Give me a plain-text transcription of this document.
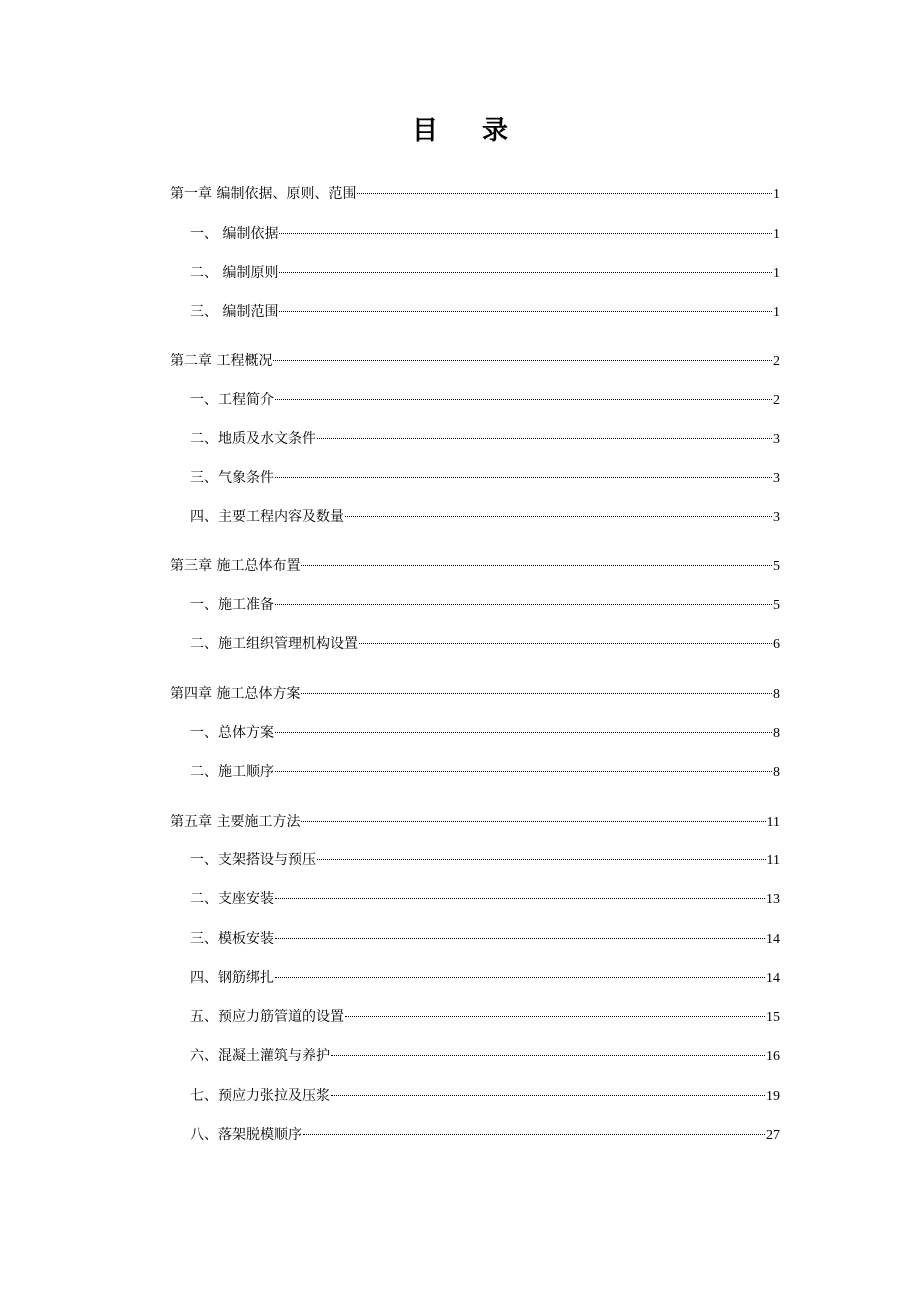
目 录
第一章 编制依据、原则、范围	1
一、 编制依据	1
二、 编制原则	1
三、 编制范围	1
第二章 工程概况	2
一、工程简介	2
二、地质及水文条件	3
三、气象条件	3
四、主要工程内容及数量	3
第三章 施工总体布置	5
一、施工准备	5
二、施工组织管理机构设置	6
第四章 施工总体方案	8
一、总体方案	8
二、施工顺序	8
第五章 主要施工方法	11
一、支架搭设与预压	11
二、支座安装	13
三、模板安装	14
四、钢筋绑扎	14
五、预应力筋管道的设置	15
六、混凝土灌筑与养护	16
七、预应力张拉及压浆	19
八、落架脱模顺序	27
